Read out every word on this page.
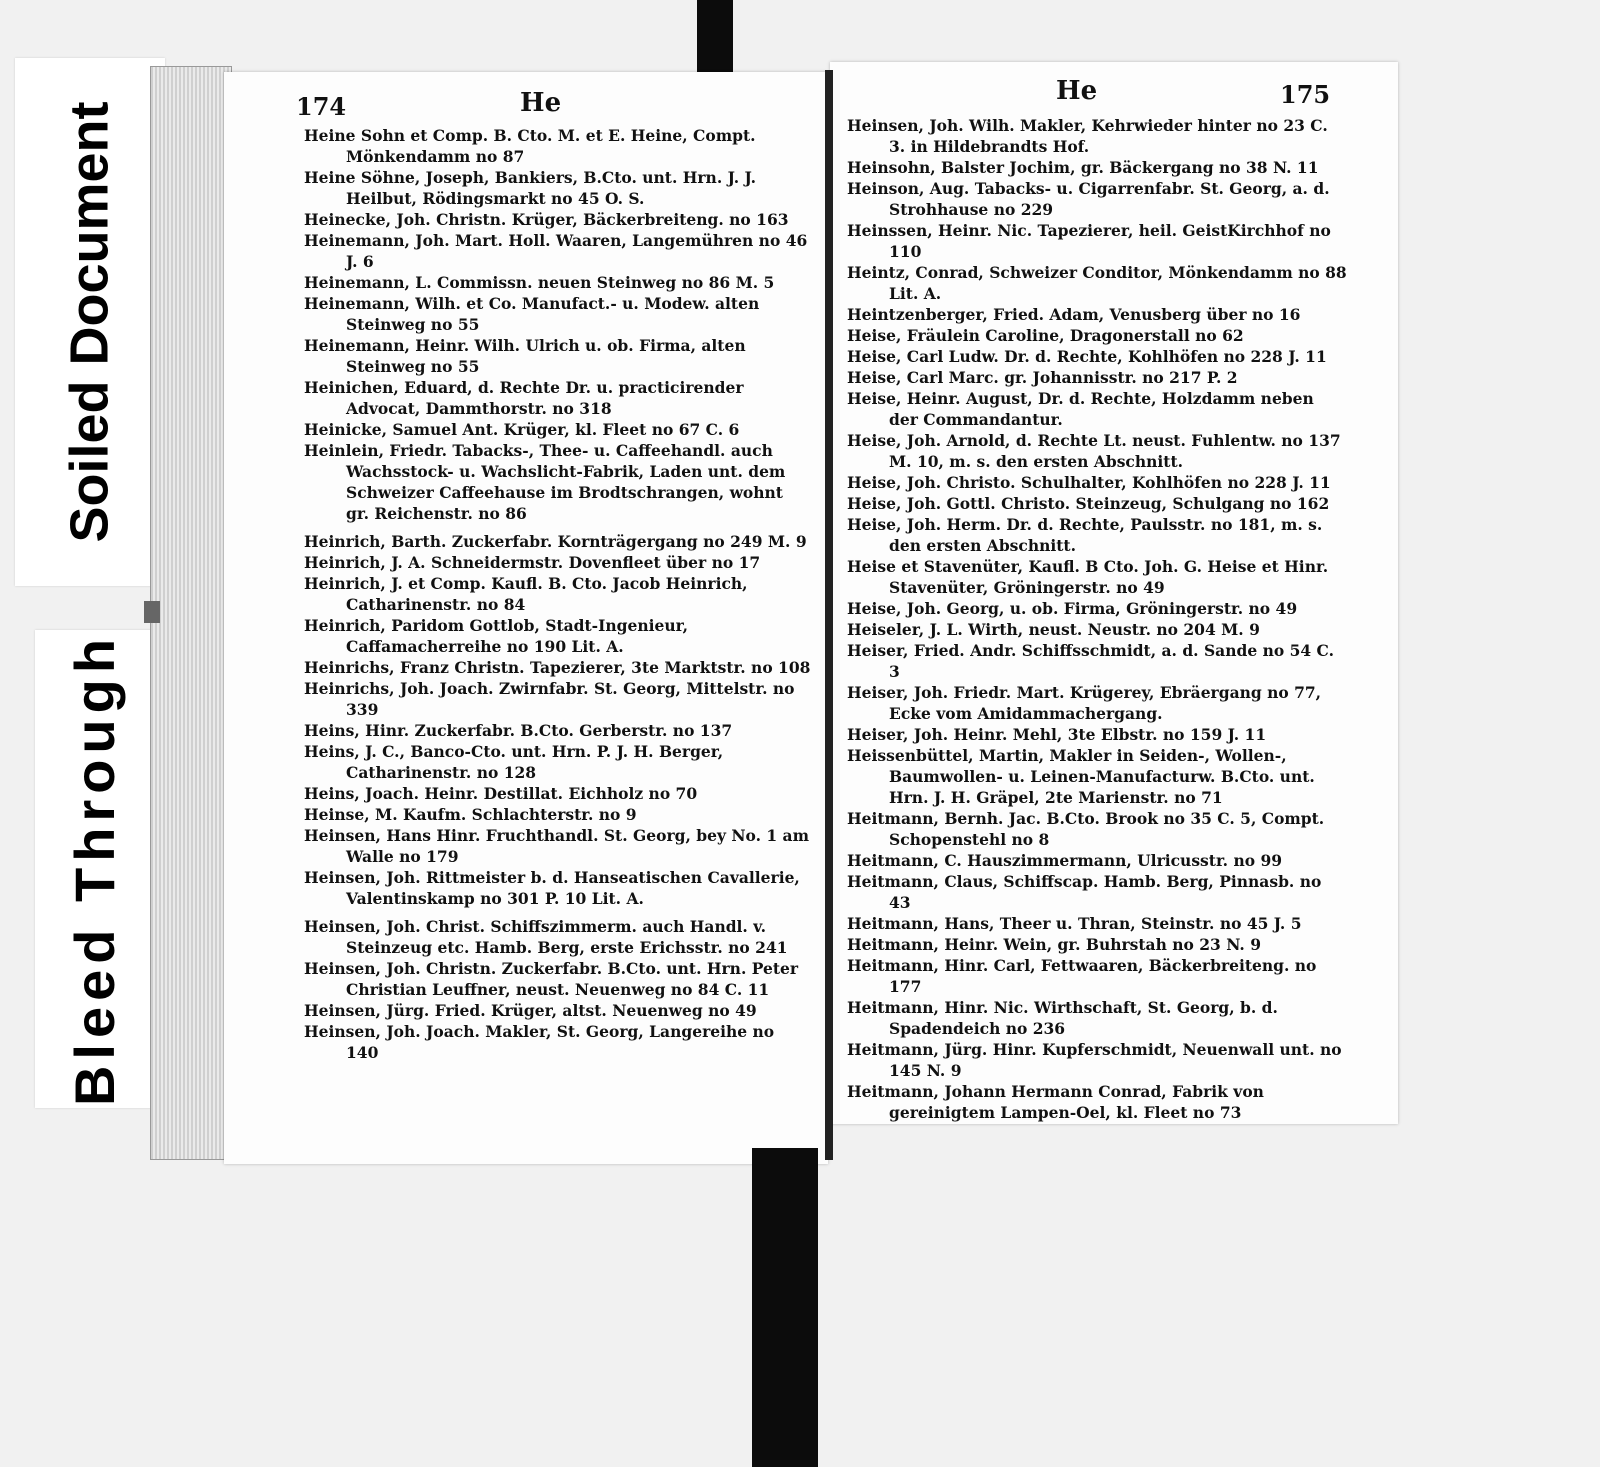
Soiled Document
Bleed Through
174	He
Heine Sohn et Comp. B. Cto. M. et E. Heine, Compt. Mönkendamm no 87
Heine Söhne, Joseph, Bankiers, B.Cto. unt. Hrn. J. J. Heilbut, Rödingsmarkt no 45 O. S.
Heinecke, Joh. Christn. Krüger, Bäckerbreiteng. no 163
Heinemann, Joh. Mart. Holl. Waaren, Langemühren no 46 J. 6
Heinemann, L. Commissn. neuen Steinweg no 86 M. 5
Heinemann, Wilh. et Co. Manufact.- u. Modew. alten Steinweg no 55
Heinemann, Heinr. Wilh. Ulrich u. ob. Firma, alten Steinweg no 55
Heinichen, Eduard, d. Rechte Dr. u. practicirender Advocat, Dammthorstr. no 318
Heinicke, Samuel Ant. Krüger, kl. Fleet no 67 C. 6
Heinlein, Friedr. Tabacks-, Thee- u. Caffeehandl. auch Wachsstock- u. Wachslicht-Fabrik, Laden unt. dem Schweizer Caffeehause im Brodtschrangen, wohnt gr. Reichenstr. no 86
Heinrich, Barth. Zuckerfabr. Kornträgergang no 249 M. 9
Heinrich, J. A. Schneidermstr. Dovenfleet über no 17
Heinrich, J. et Comp. Kaufl. B. Cto. Jacob Heinrich, Catharinenstr. no 84
Heinrich, Paridom Gottlob, Stadt-Ingenieur, Caffamacherreihe no 190 Lit. A.
Heinrichs, Franz Christn. Tapezierer, 3te Marktstr. no 108
Heinrichs, Joh. Joach. Zwirnfabr. St. Georg, Mittelstr. no 339
Heins, Hinr. Zuckerfabr. B.Cto. Gerberstr. no 137
Heins, J. C., Banco-Cto. unt. Hrn. P. J. H. Berger, Catharinenstr. no 128
Heins, Joach. Heinr. Destillat. Eichholz no 70
Heinse, M. Kaufm. Schlachterstr. no 9
Heinsen, Hans Hinr. Fruchthandl. St. Georg, bey No. 1 am Walle no 179
Heinsen, Joh. Rittmeister b. d. Hanseatischen Cavallerie, Valentinskamp no 301 P. 10 Lit. A.
Heinsen, Joh. Christ. Schiffszimmerm. auch Handl. v. Steinzeug etc. Hamb. Berg, erste Erichsstr. no 241
Heinsen, Joh. Christn. Zuckerfabr. B.Cto. unt. Hrn. Peter Christian Leuffner, neust. Neuenweg no 84 C. 11
Heinsen, Jürg. Fried. Krüger, altst. Neuenweg no 49
Heinsen, Joh. Joach. Makler, St. Georg, Langereihe no 140
175
He
Heinsen, Joh. Wilh. Makler, Kehrwieder hinter no 23 C. 3. in Hildebrandts Hof.
Heinsohn, Balster Jochim, gr. Bäckergang no 38 N. 11
Heinson, Aug. Tabacks- u. Cigarrenfabr. St. Georg, a. d. Strohhause no 229
Heinssen, Heinr. Nic. Tapezierer, heil. GeistKirchhof no 110
Heintz, Conrad, Schweizer Conditor, Mönkendamm no 88 Lit. A.
Heintzenberger, Fried. Adam, Venusberg über no 16
Heise, Fräulein Caroline, Dragonerstall no 62
Heise, Carl Ludw. Dr. d. Rechte, Kohlhöfen no 228 J. 11
Heise, Carl Marc. gr. Johannisstr. no 217 P. 2
Heise, Heinr. August, Dr. d. Rechte, Holzdamm neben der Commandantur.
Heise, Joh. Arnold, d. Rechte Lt. neust. Fuhlentw. no 137 M. 10, m. s. den ersten Abschnitt.
Heise, Joh. Christo. Schulhalter, Kohlhöfen no 228 J. 11
Heise, Joh. Gottl. Christo. Steinzeug, Schulgang no 162
Heise, Joh. Herm. Dr. d. Rechte, Paulsstr. no 181, m. s. den ersten Abschnitt.
Heise et Stavenüter, Kaufl. B Cto. Joh. G. Heise et Hinr. Stavenüter, Gröningerstr. no 49
Heise, Joh. Georg, u. ob. Firma, Gröningerstr. no 49
Heiseler, J. L. Wirth, neust. Neustr. no 204 M. 9
Heiser, Fried. Andr. Schiffsschmidt, a. d. Sande no 54 C. 3
Heiser, Joh. Friedr. Mart. Krügerey, Ebräergang no 77, Ecke vom Amidammachergang.
Heiser, Joh. Heinr. Mehl, 3te Elbstr. no 159 J. 11
Heissenbüttel, Martin, Makler in Seiden-, Wollen-, Baumwollen- u. Leinen-Manufacturw. B.Cto. unt. Hrn. J. H. Gräpel, 2te Marienstr. no 71
Heitmann, Bernh. Jac. B.Cto. Brook no 35 C. 5, Compt. Schopenstehl no 8
Heitmann, C. Hauszimmermann, Ulricusstr. no 99
Heitmann, Claus, Schiffscap. Hamb. Berg, Pinnasb. no 43
Heitmann, Hans, Theer u. Thran, Steinstr. no 45 J. 5
Heitmann, Heinr. Wein, gr. Buhrstah no 23 N. 9
Heitmann, Hinr. Carl, Fettwaaren, Bäckerbreiteng. no 177
Heitmann, Hinr. Nic. Wirthschaft, St. Georg, b. d. Spadendeich no 236
Heitmann, Jürg. Hinr. Kupferschmidt, Neuenwall unt. no 145 N. 9
Heitmann, Johann Hermann Conrad, Fabrik von gereinigtem Lampen-Oel, kl. Fleet no 73
